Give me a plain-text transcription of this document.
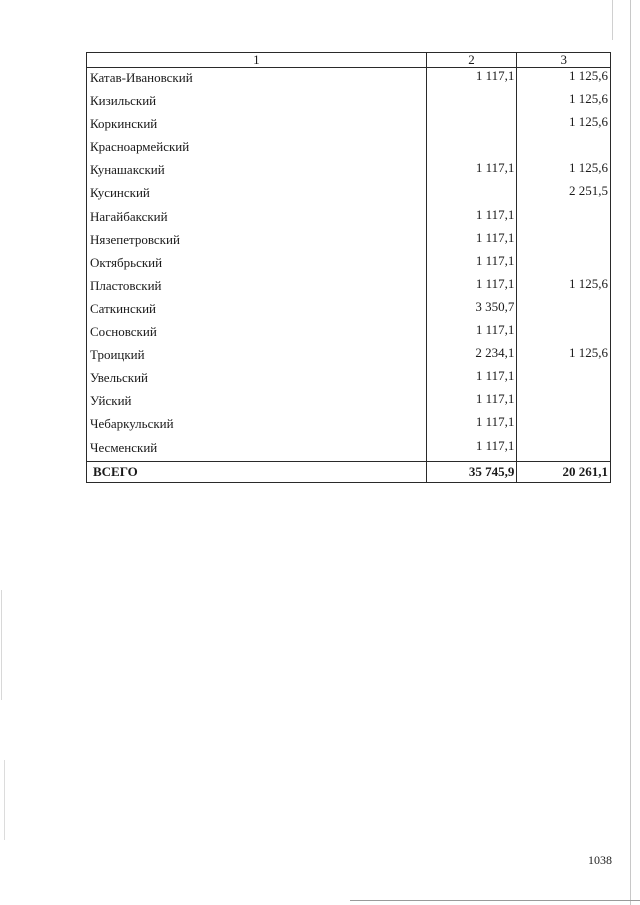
1	2	3
Катав-Ивановский	1 117,1	1 125,6
Кизильский		1 125,6
Коркинский		1 125,6
Красноармейский		
Кунашакский	1 117,1	1 125,6
Кусинский		2 251,5
Нагайбакский	1 117,1	
Нязепетровский	1 117,1	
Октябрьский	1 117,1	
Пластовский	1 117,1	1 125,6
Саткинский	3 350,7	
Сосновский	1 117,1	
Троицкий	2 234,1	1 125,6
Увельский	1 117,1	
Уйский	1 117,1	
Чебаркульский	1 117,1	
Чесменский	1 117,1	
ВСЕГО	35 745,9	20 261,1
1038
